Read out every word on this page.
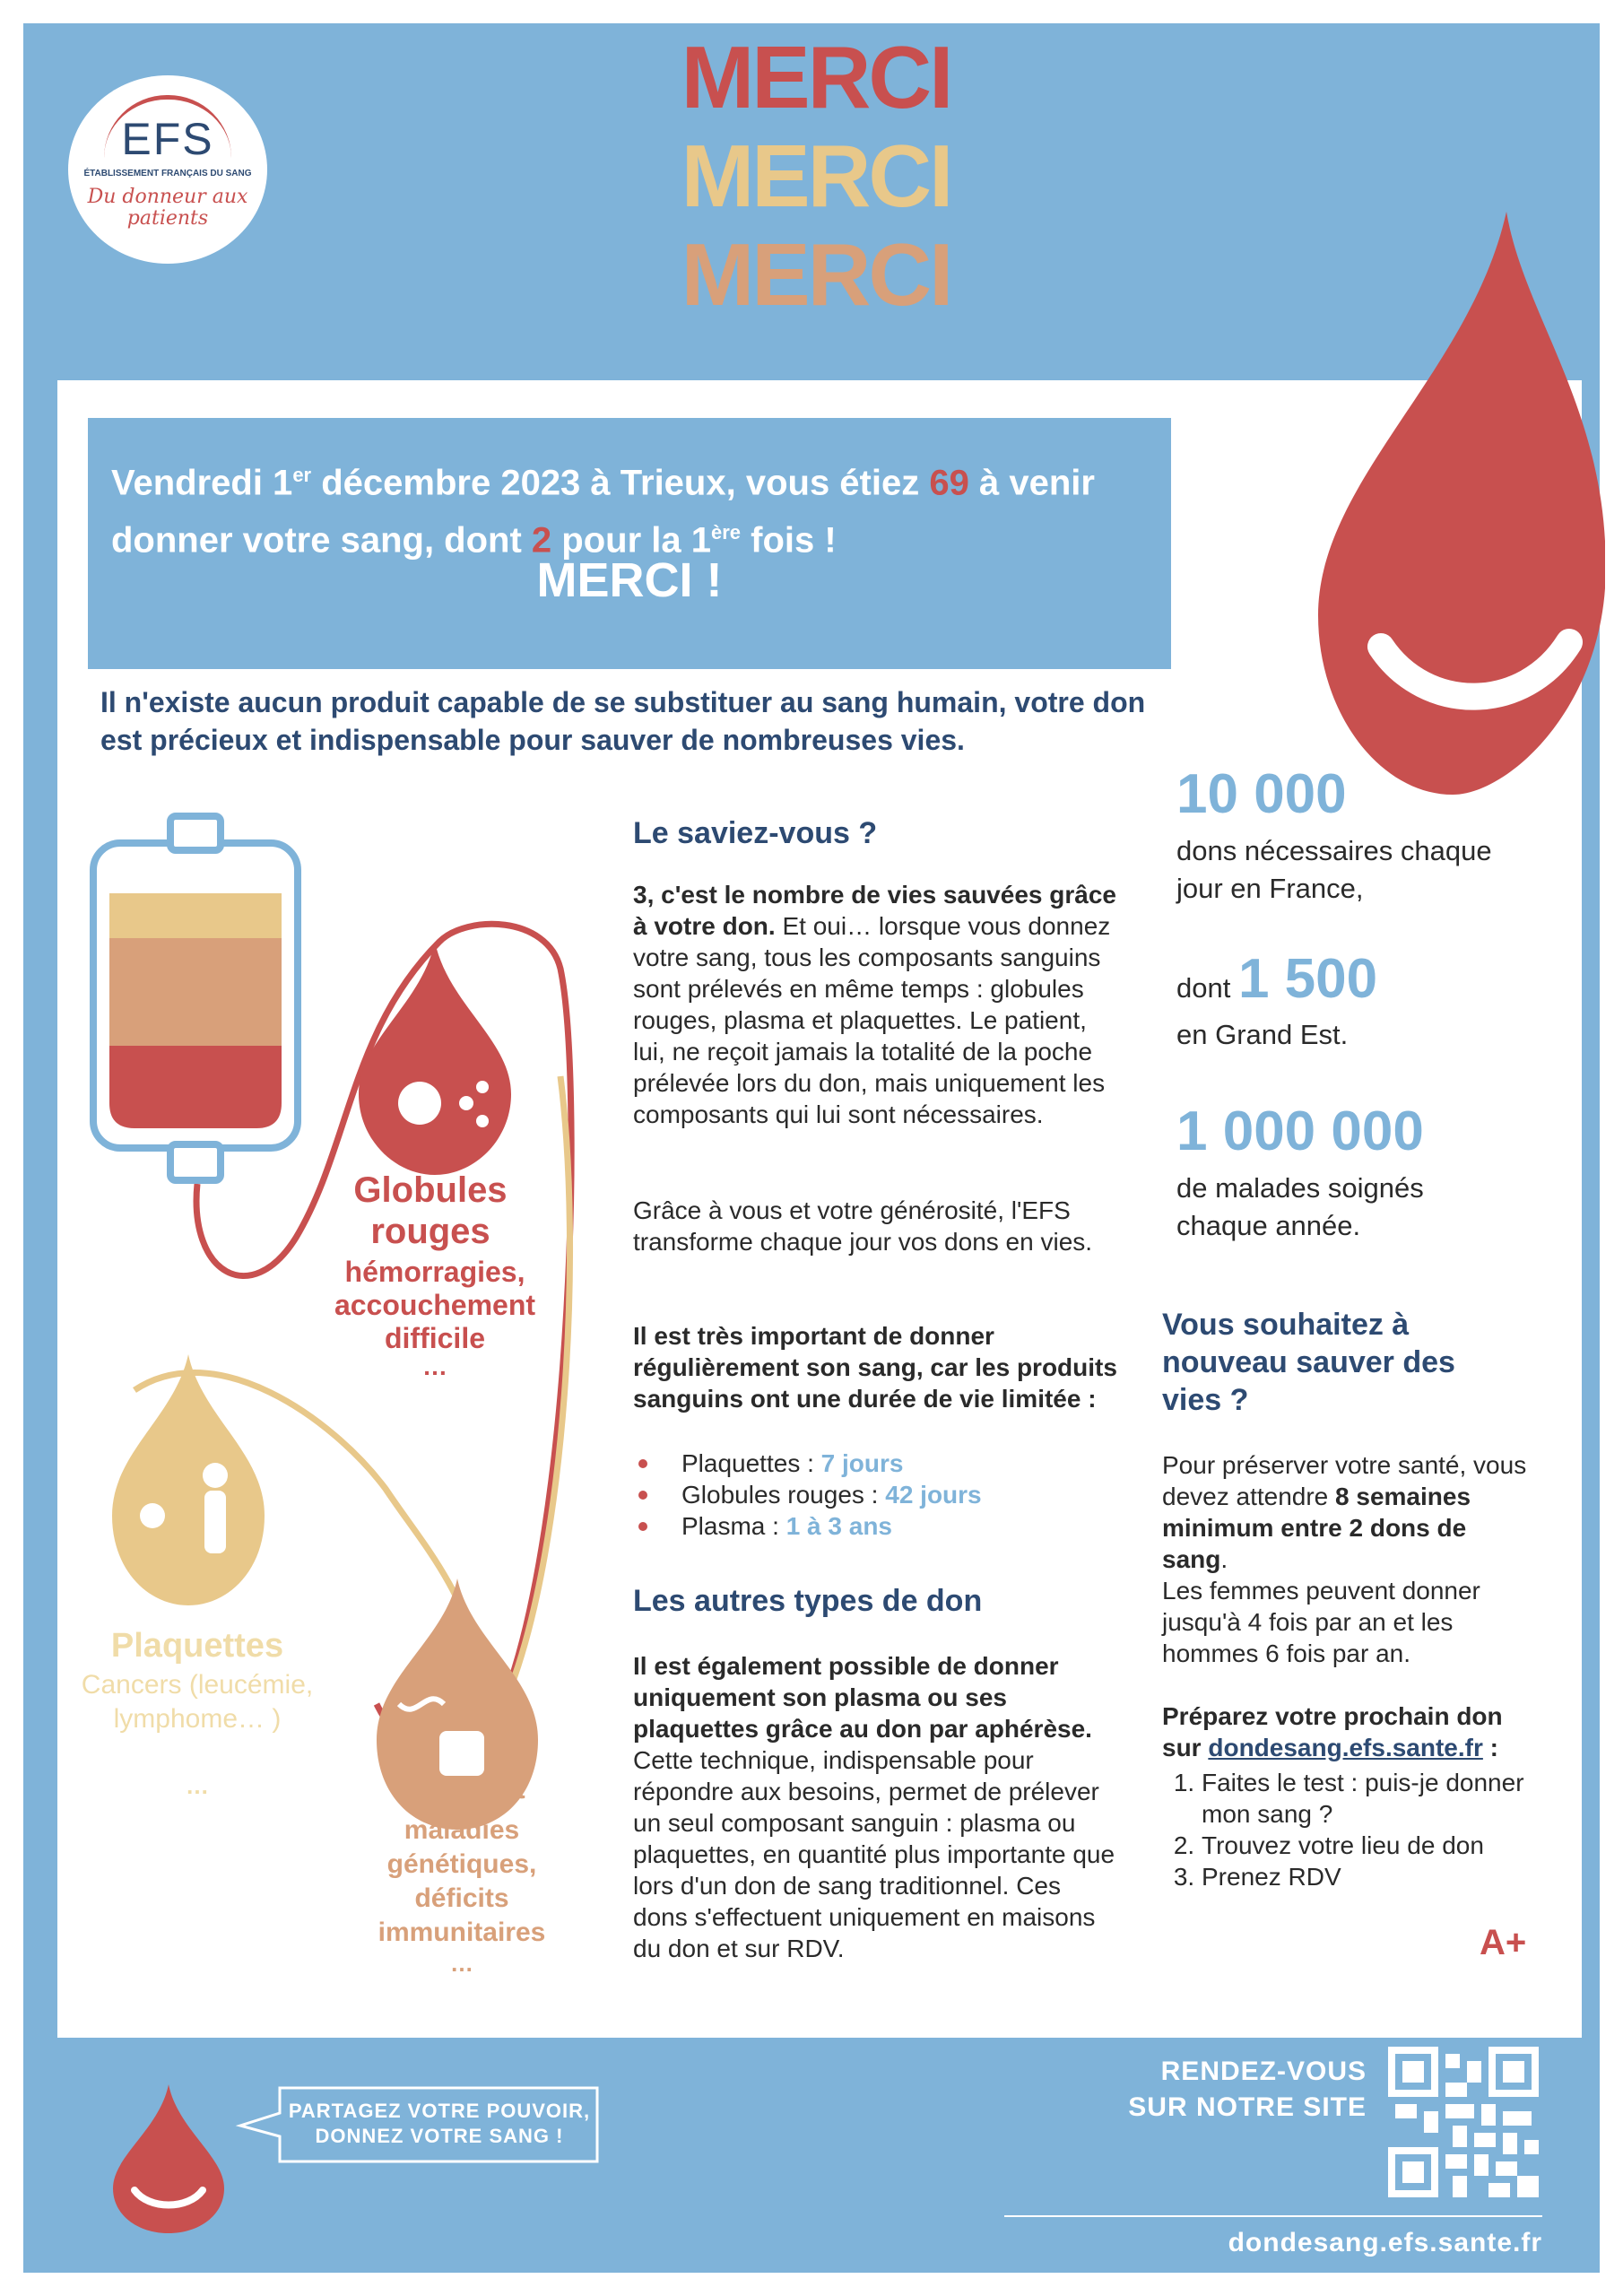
EFS
ÉTABLISSEMENT FRANÇAIS DU SANG
Du donneur aux patients
MERCI
MERCI
MERCI
Vendredi 1er décembre 2023 à Trieux, vous étiez 69 à venir donner votre sang, dont 2 pour la 1ère fois !
MERCI !
Il n'existe aucun produit capable de se substituer au sang humain, votre don est précieux et indispensable pour sauver de nombreuses vies.
Globules rouges
hémorragies, accouchement difficile
…
Plaquettes
Cancers (leucémie, lymphome… )
…	Plasma
maladies génétiques, déficits immunitaires
…
Le saviez-vous ?
3, c'est le nombre de vies sauvées grâce à votre don. Et oui… lorsque vous donnez votre sang, tous les composants sanguins sont prélevés en même temps : globules rouges, plasma et plaquettes. Le patient, lui, ne reçoit jamais la totalité de la poche prélevée lors du don, mais uniquement les composants qui lui sont nécessaires.
Grâce à vous et votre générosité, l'EFS transforme chaque jour vos dons en vies.
Il est très important de donner régulièrement son sang, car les produits sanguins ont une durée de vie limitée :
Plaquettes : 7 jours
Globules rouges : 42 jours
Plasma : 1 à 3 ans
Les autres types de don
Il est également possible de donner uniquement son plasma ou ses plaquettes grâce au don par aphérèse. Cette technique, indispensable pour répondre aux besoins, permet de prélever un seul composant sanguin : plasma ou plaquettes, en quantité plus importante que lors d'un don de sang traditionnel. Ces dons s'effectuent uniquement en maisons du don et sur RDV.
10 000
dons nécessaires chaque jour en France,
dont 1 500
en Grand Est.
1 000 000
de malades soignés chaque année.
Vous souhaitez à nouveau sauver des vies ?
Pour préserver votre santé, vous devez attendre 8 semaines minimum entre 2 dons de sang.
Les femmes peuvent donner jusqu'à 4 fois par an et les hommes 6 fois par an.
Préparez votre prochain don sur dondesang.efs.sante.fr :
1. Faites le test : puis-je donner mon sang ?
2. Trouvez votre lieu de don
3. Prenez RDV
A+
PARTAGEZ VOTRE POUVOIR, DONNEZ VOTRE SANG !
RENDEZ-VOUS SUR NOTRE SITE
dondesang.efs.sante.fr
